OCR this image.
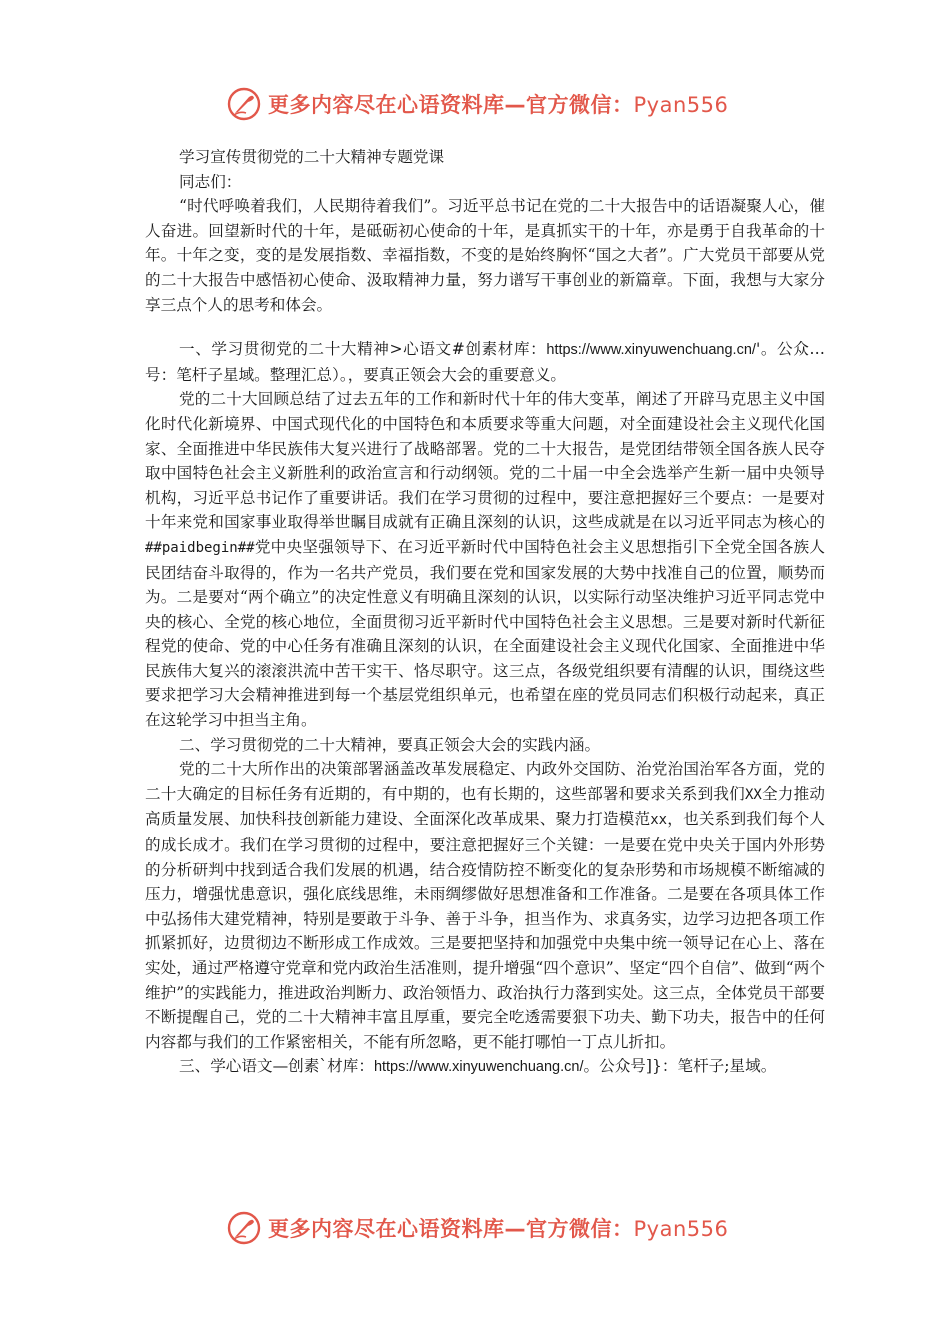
更多内容尽在心语资料库—官方微信：Pyan556

学习宣传贯彻党的二十大精神专题党课

同志们：

“时代呼唤着我们，人民期待着我们”。习近平总书记在党的二十大报告中的话语凝聚人心，催人奋进。回望新时代的十年，是砥砺初心使命的十年，是真抓实干的十年，亦是勇于自我革命的十年。十年之变，变的是发展指数、幸福指数，不变的是始终胸怀“国之大者”。广大党员干部要从党的二十大报告中感悟初心使命、汲取精神力量，努力谱写干事创业的新篇章。下面，我想与大家分享三点个人的思考和体会。

一、学习贯彻党的二十大精神>心语文#创素材库：https://www.xinyuwenchuang.cn/'。公众…号：笔杆子星域。整理汇总）。，要真正领会大会的重要意义。

党的二十大回顾总结了过去五年的工作和新时代十年的伟大变革，阐述了开辟马克思主义中国化时代化新境界、中国式现代化的中国特色和本质要求等重大问题，对全面建设社会主义现代化国家、全面推进中华民族伟大复兴进行了战略部署。党的二十大报告，是党团结带领全国各族人民夺取中国特色社会主义新胜利的政治宣言和行动纲领。党的二十届一中全会选举产生新一届中央领导机构，习近平总书记作了重要讲话。我们在学习贯彻的过程中，要注意把握好三个要点：一是要对十年来党和国家事业取得举世瞩目成就有正确且深刻的认识，这些成就是在以习近平同志为核心的##paidbegin##党中央坚强领导下、在习近平新时代中国特色社会主义思想指引下全党全国各族人民团结奋斗取得的，作为一名共产党员，我们要在党和国家发展的大势中找准自己的位置，顺势而为。二是要对“两个确立”的决定性意义有明确且深刻的认识，以实际行动坚决维护习近平同志党中央的核心、全党的核心地位，全面贯彻习近平新时代中国特色社会主义思想。三是要对新时代新征程党的使命、党的中心任务有准确且深刻的认识，在全面建设社会主义现代化国家、全面推进中华民族伟大复兴的滚滚洪流中苦干实干、恪尽职守。这三点，各级党组织要有清醒的认识，围绕这些要求把学习大会精神推进到每一个基层党组织单元，也希望在座的党员同志们积极行动起来，真正在这轮学习中担当主角。

二、学习贯彻党的二十大精神，要真正领会大会的实践内涵。

党的二十大所作出的决策部署涵盖改革发展稳定、内政外交国防、治党治国治军各方面，党的二十大确定的目标任务有近期的，有中期的，也有长期的，这些部署和要求关系到我们XX全力推动高质量发展、加快科技创新能力建设、全面深化改革成果、聚力打造模范xx，也关系到我们每个人的成长成才。我们在学习贯彻的过程中，要注意把握好三个关键：一是要在党中央关于国内外形势的分析研判中找到适合我们发展的机遇，结合疫情防控不断变化的复杂形势和市场规模不断缩减的压力，增强忧患意识，强化底线思维，未雨绸缪做好思想准备和工作准备。二是要在各项具体工作中弘扬伟大建党精神，特别是要敢于斗争、善于斗争，担当作为、求真务实，边学习边把各项工作抓紧抓好，边贯彻边不断形成工作成效。三是要把坚持和加强党中央集中统一领导记在心上、落在实处，通过严格遵守党章和党内政治生活准则，提升增强“四个意识”、坚定“四个自信”、做到“两个维护”的实践能力，推进政治判断力、政治领悟力、政治执行力落到实处。这三点，全体党员干部要不断提醒自己，党的二十大精神丰富且厚重，要完全吃透需要狠下功夫、勤下功夫，报告中的任何内容都与我们的工作紧密相关，不能有所忽略，更不能打哪怕一丁点儿折扣。

三、学心语文—创素`材库：https://www.xinyuwenchuang.cn/。公众号]}：笔杆子;星域。

更多内容尽在心语资料库—官方微信：Pyan556
